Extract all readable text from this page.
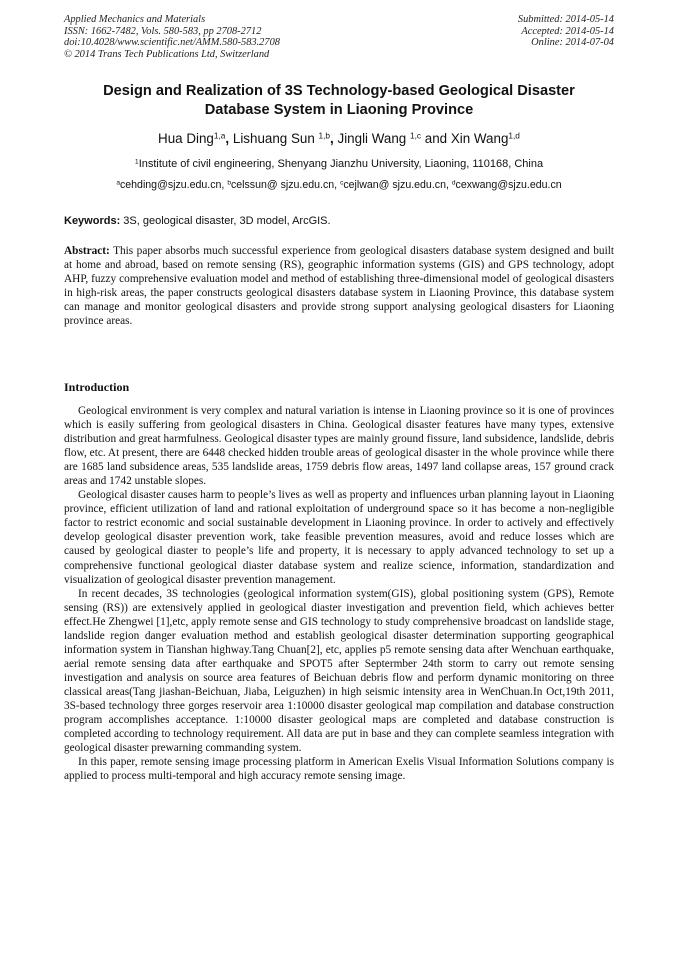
Applied Mechanics and Materials
ISSN: 1662-7482, Vols. 580-583, pp 2708-2712
doi:10.4028/www.scientific.net/AMM.580-583.2708
© 2014 Trans Tech Publications Ltd, Switzerland
Submitted: 2014-05-14
Accepted: 2014-05-14
Online: 2014-07-04
Design and Realization of 3S Technology-based Geological Disaster
Database System in Liaoning Province
Hua Ding$^{1,a}$, Lishuang Sun $^{1,b}$, Jingli Wang $^{1,c}$ and Xin Wang$^{1,d}$
$^1$Institute of civil engineering, Shenyang Jianzhu University, Liaoning, 110168, China
$^a$cehding@sjzu.edu.cn, $^b$celssun@ sjzu.edu.cn, $^c$cejlwan@ sjzu.edu.cn, $^d$cexwang@sjzu.edu.cn
Keywords: 3S, geological disaster, 3D model, ArcGIS.
Abstract: This paper absorbs much successful experience from geological disasters database system designed and built at home and abroad, based on remote sensing (RS), geographic information systems (GIS) and GPS technology, adopt AHP, fuzzy comprehensive evaluation model and method of establishing three-dimensional model of geological disasters in high-risk areas, the paper constructs geological disasters database system in Liaoning Province, this database system can manage and monitor geological disasters and provide strong support analysing geological disasters for Liaoning province areas.
Introduction

Geological environment is very complex and natural variation is intense in Liaoning province so it is one of provinces which is easily suffering from geological disasters in China. Geological disaster features have many types, extensive distribution and great harmfulness. Geological disaster types are mainly ground fissure, land subsidence, landslide, debris flow, etc. At present, there are 6448 checked hidden trouble areas of geological disaster in the whole province while there are 1685 land subsidence areas, 535 landslide areas, 1759 debris flow areas, 1497 land collapse areas, 157 ground crack areas and 1742 unstable slopes.

Geological disaster causes harm to people’s lives as well as property and influences urban planning layout in Liaoning province, efficient utilization of land and rational exploitation of underground space so it has become a non-negligible factor to restrict economic and social sustainable development in Liaoning province. In order to actively and effectively develop geological disaster prevention work, take feasible prevention measures, avoid and reduce losses which are caused by geological diaster to people’s life and property, it is necessary to apply advanced technology to set up a comprehensive functional geological diaster database system and realize science, information, standardization and visualization of geological disaster prevention management.

In recent decades, 3S technologies (geological information system(GIS), global positioning system (GPS), Remote sensing (RS)) are extensively applied in geological diaster investigation and prevention field, which achieves better effect.He Zhengwei [1],etc, apply remote sense and GIS technology to study comprehensive broadcast on landslide stage, landslide region danger evaluation method and establish geological disaster determination supporting geographical information system in Tianshan highway.Tang Chuan[2], etc, applies p5 remote sensing data after Wenchuan earthquake, aerial remote sensing data after earthquake and SPOT5 after Septermber 24th storm to carry out remote sensing investigation and analysis on source area features of Beichuan debris flow and perform dynamic monitoring on three classical areas(Tang jiashan-Beichuan, Jiaba, Leiguzhen) in high seismic intensity area in WenChuan.In Oct,19th 2011, 3S-based technology three gorges reservoir area 1:10000 disaster geological map compilation and database construction program accomplishes acceptance. 1:10000 disaster geological maps are completed and database construction is completed according to technology requirement. All data are put in base and they can complete seamless integration with geological disaster prewarning commanding system.

In this paper, remote sensing image processing platform in American Exelis Visual Information Solutions company is applied to process multi-temporal and high accuracy remote sensing image.
